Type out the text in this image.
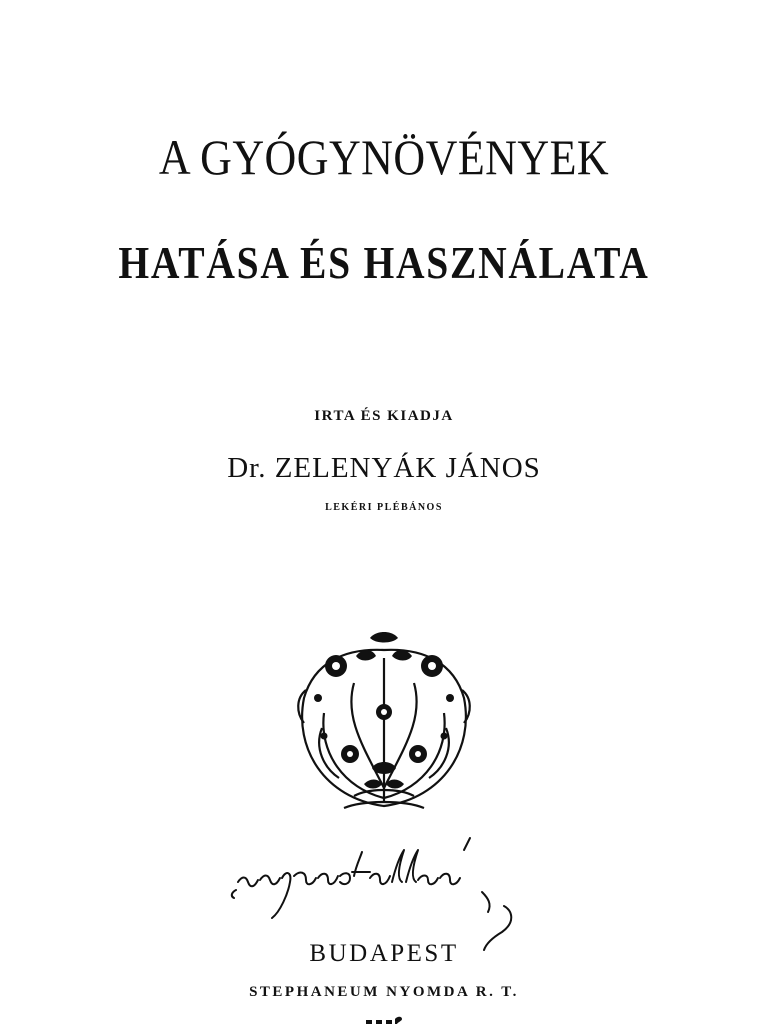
A GYÓGYNÖVÉNYEK
HATÁSA ÉS HASZNÁLATA
IRTA ÉS KIADJA
Dr. ZELENYÁK JÁNOS
LEKÉRI PLÉBÁNOS
BUDAPEST
STEPHANEUM NYOMDA R. T.
